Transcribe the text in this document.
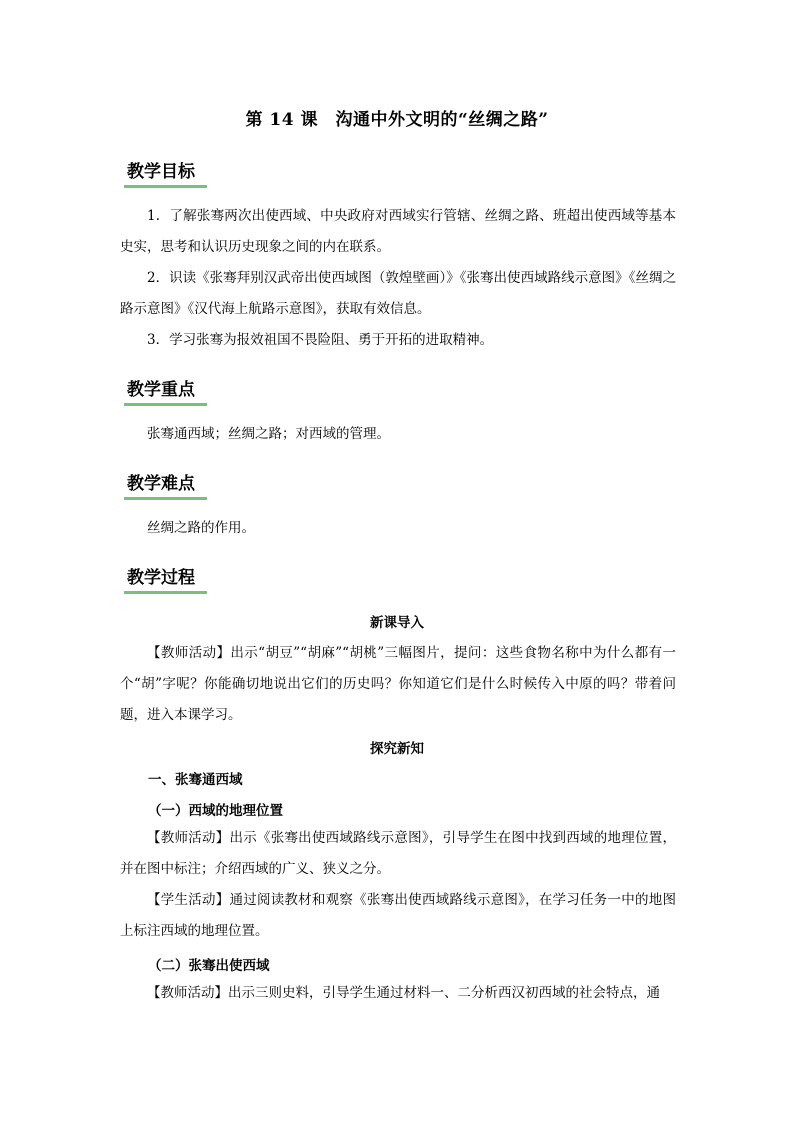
第 14 课　沟通中外文明的“丝绸之路”
教学目标
1．了解张骞两次出使西域、中央政府对西域实行管辖、丝绸之路、班超出使西域等基本史实，思考和认识历史现象之间的内在联系。
2．识读《张骞拜别汉武帝出使西域图（敦煌壁画）》《张骞出使西域路线示意图》《丝绸之路示意图》《汉代海上航路示意图》，获取有效信息。
3．学习张骞为报效祖国不畏险阻、勇于开拓的进取精神。
教学重点
张骞通西域；丝绸之路；对西域的管理。
教学难点
丝绸之路的作用。
教学过程
新课导入
【教师活动】出示“胡豆”“胡麻”“胡桃”三幅图片，提问：这些食物名称中为什么都有一个“胡”字呢？你能确切地说出它们的历史吗？你知道它们是什么时候传入中原的吗？带着问题，进入本课学习。
探究新知
一、张骞通西域
（一）西域的地理位置
【教师活动】出示《张骞出使西域路线示意图》，引导学生在图中找到西域的地理位置，并在图中标注；介绍西域的广义、狭义之分。
【学生活动】通过阅读教材和观察《张骞出使西域路线示意图》，在学习任务一中的地图上标注西域的地理位置。
（二）张骞出使西域
【教师活动】出示三则史料，引导学生通过材料一、二分析西汉初西域的社会特点，通
